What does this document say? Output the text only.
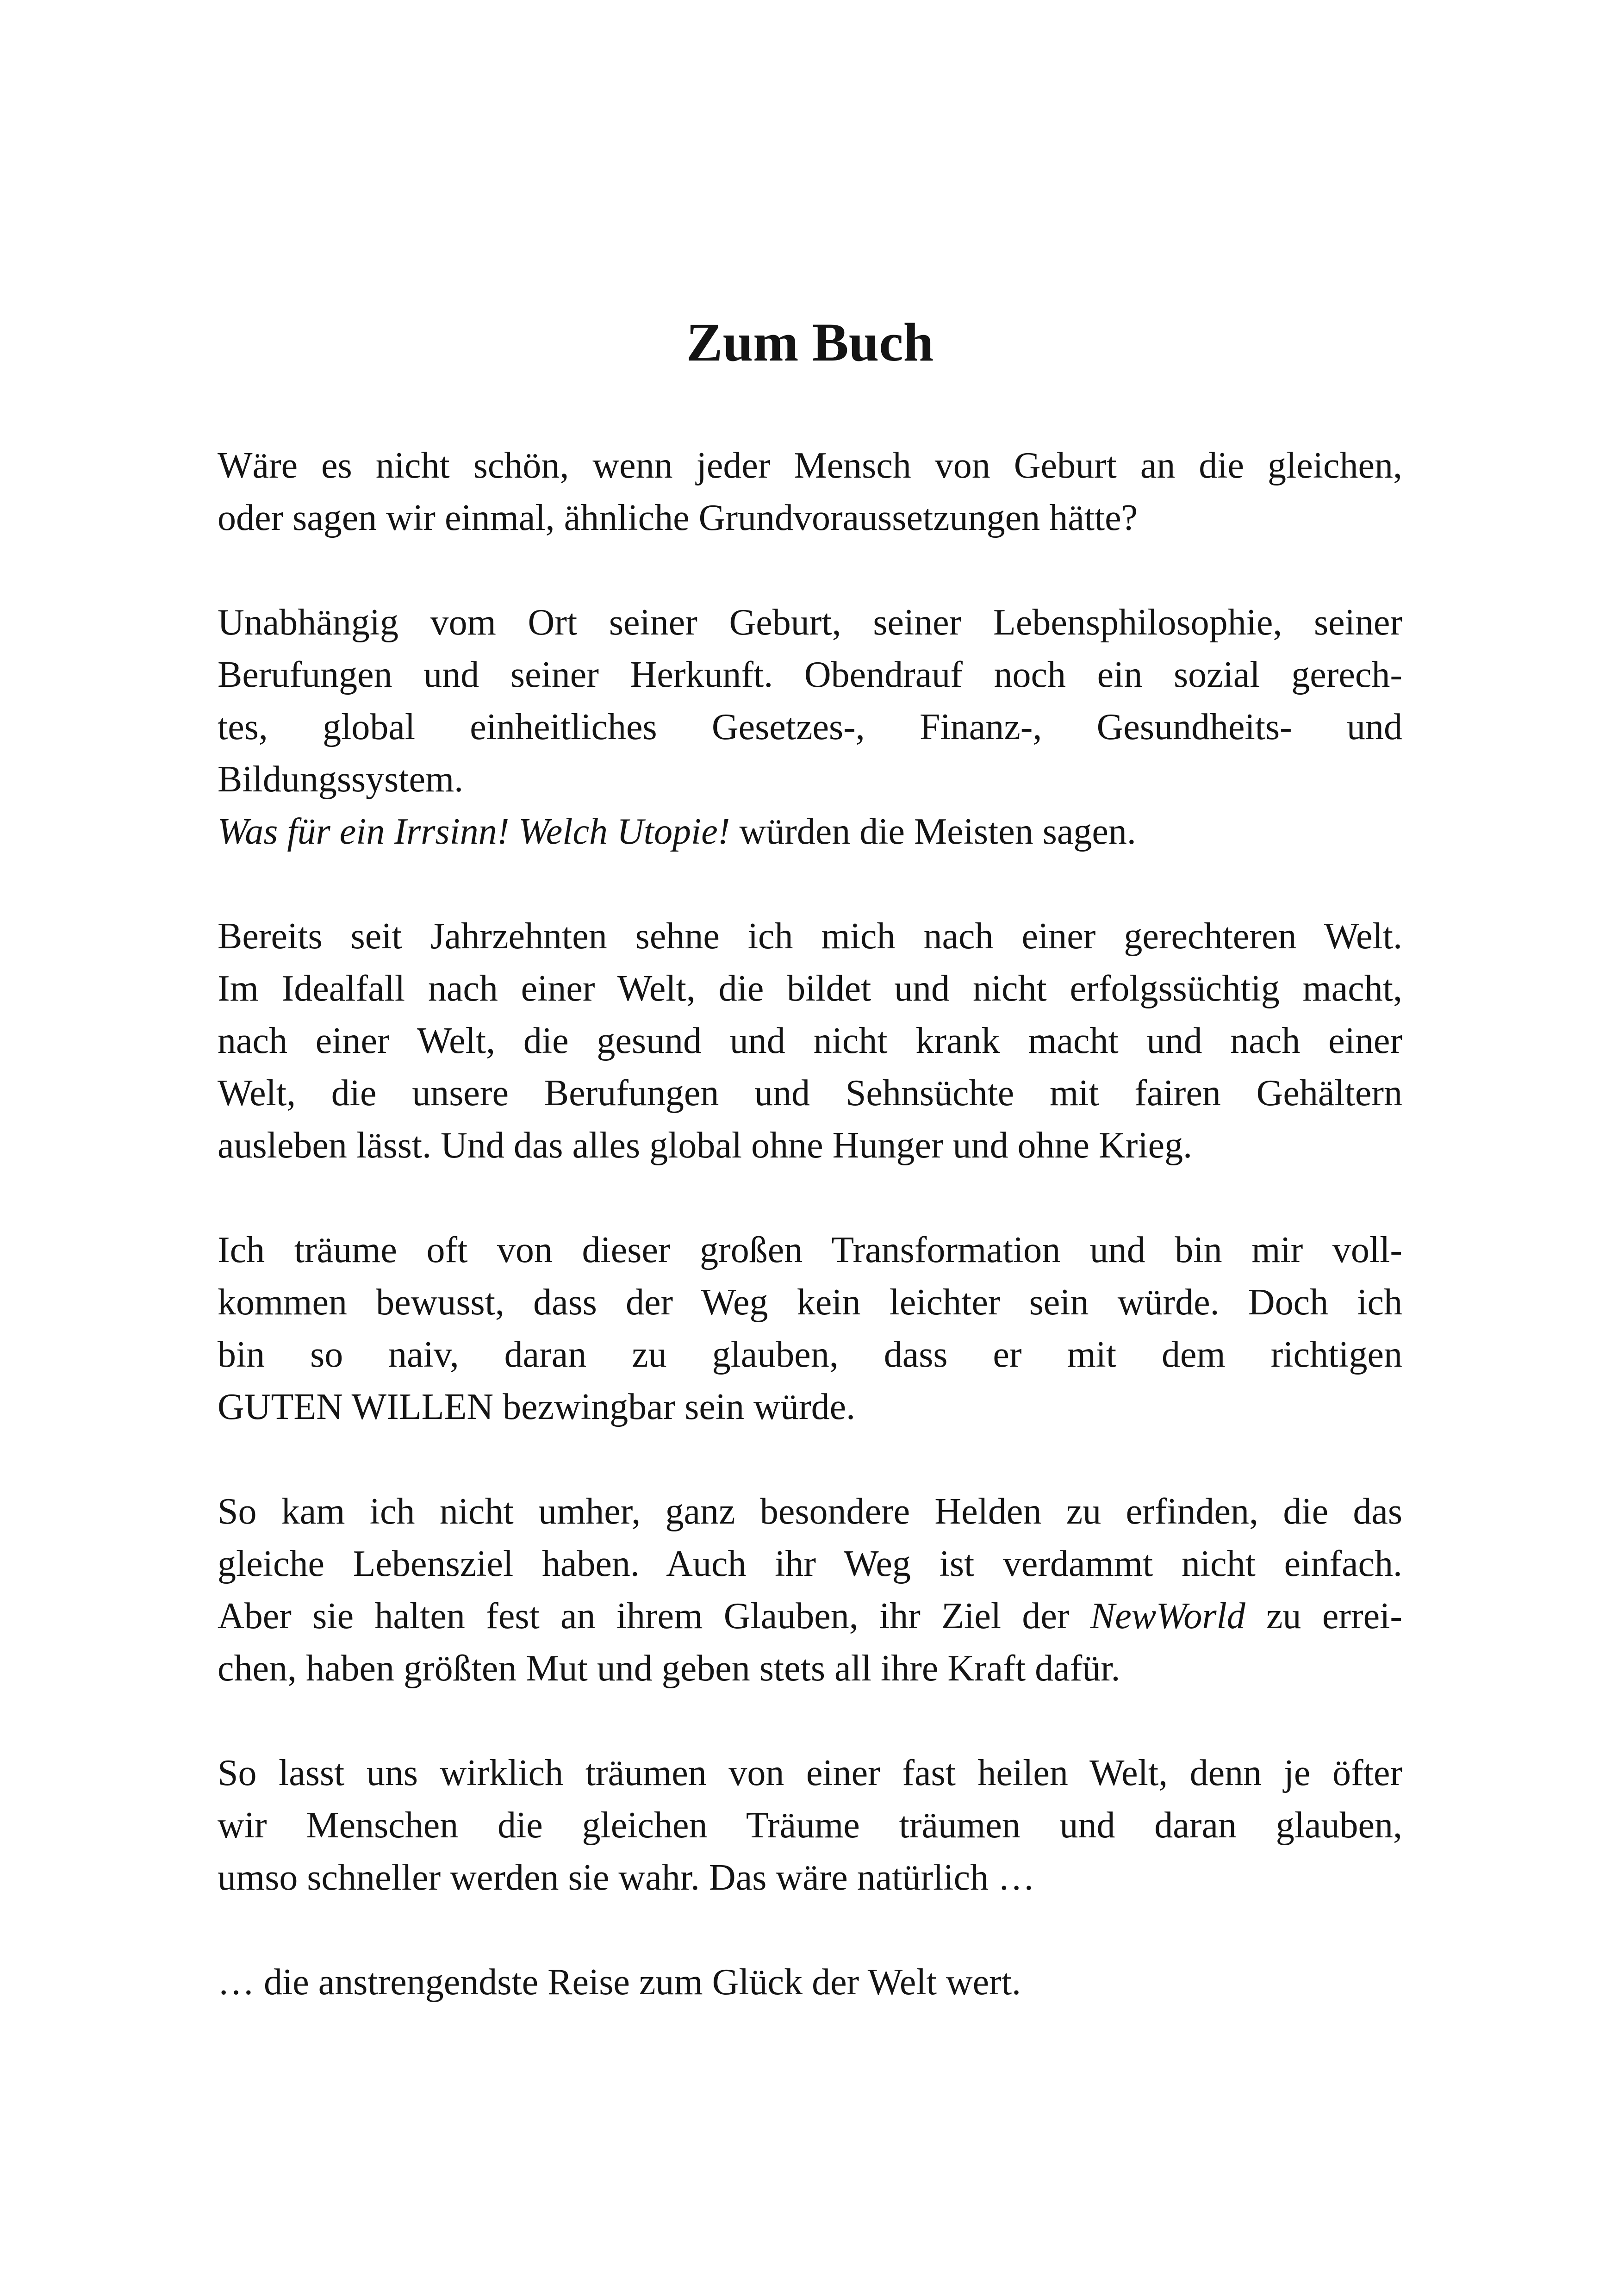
Zum Buch

Wäre es nicht schön, wenn jeder Mensch von Geburt an die gleichen,
oder sagen wir einmal, ähnliche Grundvoraussetzungen hätte?

Unabhängig vom Ort seiner Geburt, seiner Lebensphilosophie, seiner
Berufungen und seiner Herkunft. Obendrauf noch ein sozial gerech-
tes, global einheitliches Gesetzes-, Finanz-, Gesundheits- und
Bildungssystem.
Was für ein Irrsinn! Welch Utopie! würden die Meisten sagen.

Bereits seit Jahrzehnten sehne ich mich nach einer gerechteren Welt.
Im Idealfall nach einer Welt, die bildet und nicht erfolgssüchtig macht,
nach einer Welt, die gesund und nicht krank macht und nach einer
Welt, die unsere Berufungen und Sehnsüchte mit fairen Gehältern
ausleben lässt. Und das alles global ohne Hunger und ohne Krieg.

Ich träume oft von dieser großen Transformation und bin mir voll-
kommen bewusst, dass der Weg kein leichter sein würde. Doch ich
bin so naiv, daran zu glauben, dass er mit dem richtigen
GUTEN WILLEN bezwingbar sein würde.

So kam ich nicht umher, ganz besondere Helden zu erfinden, die das
gleiche Lebensziel haben. Auch ihr Weg ist verdammt nicht einfach.
Aber sie halten fest an ihrem Glauben, ihr Ziel der NewWorld zu errei-
chen, haben größten Mut und geben stets all ihre Kraft dafür.

So lasst uns wirklich träumen von einer fast heilen Welt, denn je öfter
wir Menschen die gleichen Träume träumen und daran glauben,
umso schneller werden sie wahr. Das wäre natürlich …

… die anstrengendste Reise zum Glück der Welt wert.
